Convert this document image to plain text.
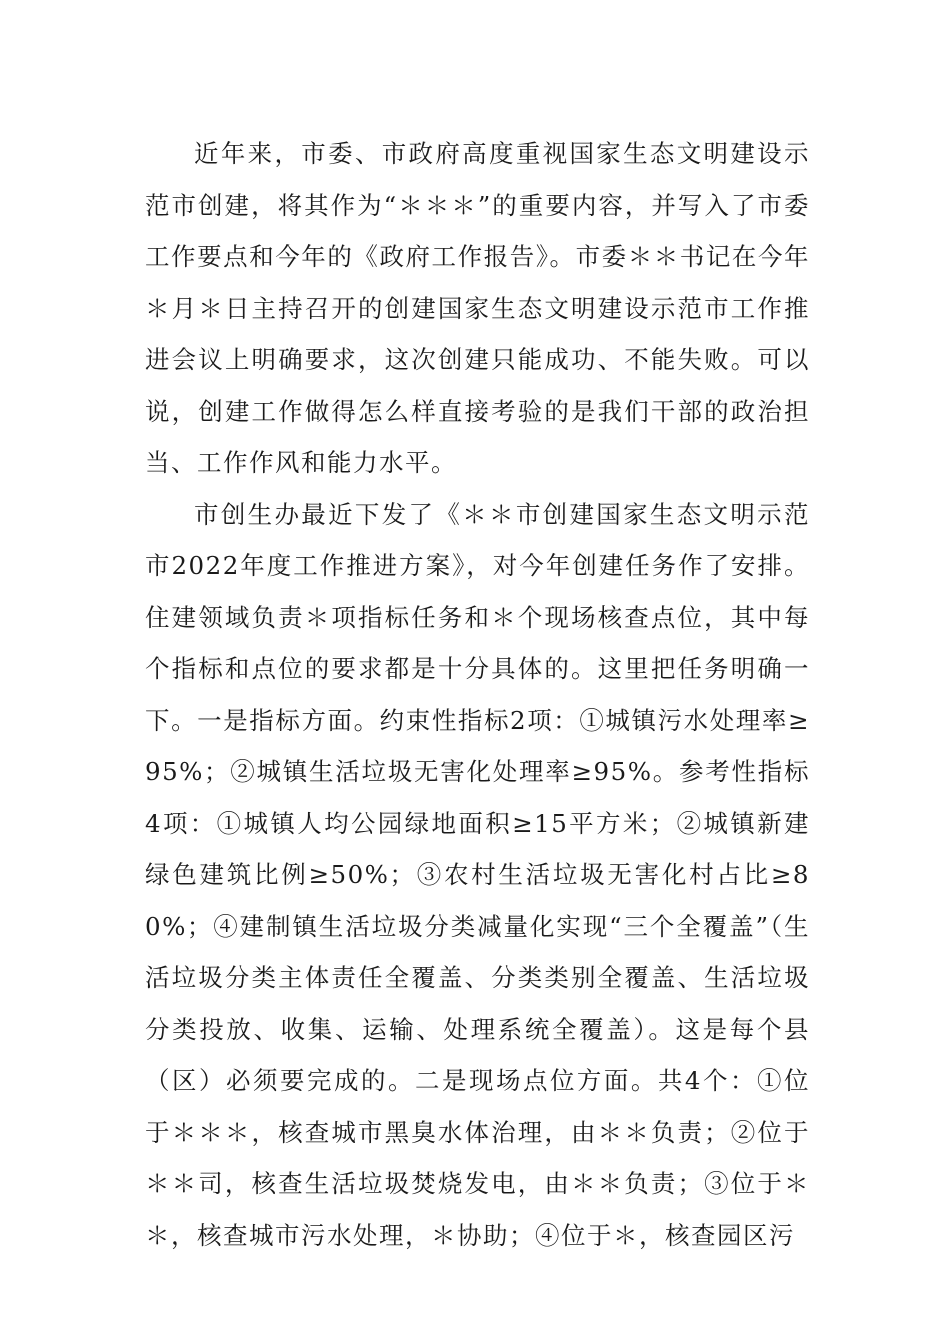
近年来，市委、市政府高度重视国家生态文明建设示范市创建，将其作为“＊＊＊”的重要内容，并写入了市委工作要点和今年的《政府工作报告》。市委＊＊书记在今年＊月＊日主持召开的创建国家生态文明建设示范市工作推进会议上明确要求，这次创建只能成功、不能失败。可以说，创建工作做得怎么样直接考验的是我们干部的政治担当、工作作风和能力水平。

市创生办最近下发了《＊＊市创建国家生态文明示范市2022年度工作推进方案》，对今年创建任务作了安排。住建领域负责＊项指标任务和＊个现场核查点位，其中每个指标和点位的要求都是十分具体的。这里把任务明确一下。一是指标方面。约束性指标2项：①城镇污水处理率≥95%；②城镇生活垃圾无害化处理率≥95%。参考性指标4项：①城镇人均公园绿地面积≥15平方米；②城镇新建绿色建筑比例≥50%；③农村生活垃圾无害化村占比≥80%；④建制镇生活垃圾分类减量化实现“三个全覆盖”（生活垃圾分类主体责任全覆盖、分类类别全覆盖、生活垃圾分类投放、收集、运输、处理系统全覆盖）。这是每个县（区）必须要完成的。二是现场点位方面。共4个：①位于＊＊＊，核查城市黑臭水体治理，由＊＊负责；②位于＊＊司，核查生活垃圾焚烧发电，由＊＊负责；③位于＊＊，核查城市污水处理，＊协助；④位于＊，核查园区污
